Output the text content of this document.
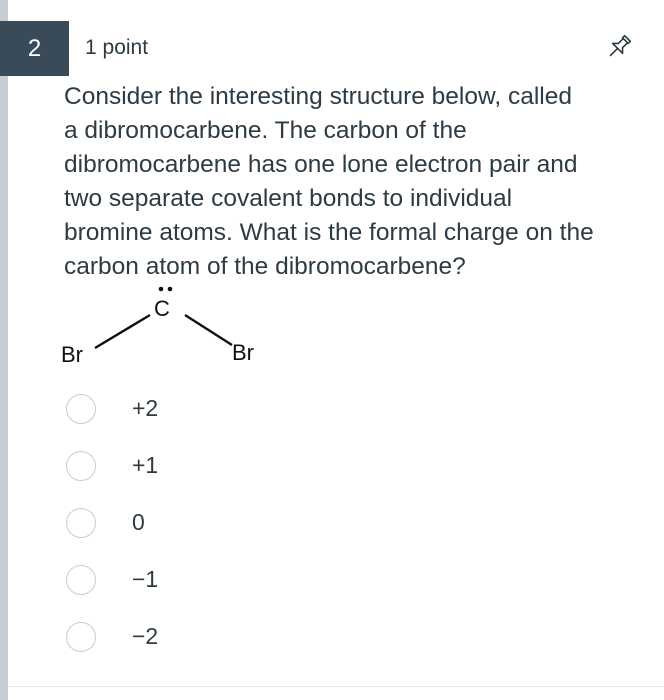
2 1 point
Consider the interesting structure below, called
a dibromocarbene. The carbon of the
dibromocarbene has one lone electron pair and
two separate covalent bonds to individual
bromine atoms. What is the formal charge on the
carbon atom of the dibromocarbene?
C
Br	Br
+2
+1
0
−1
−2
